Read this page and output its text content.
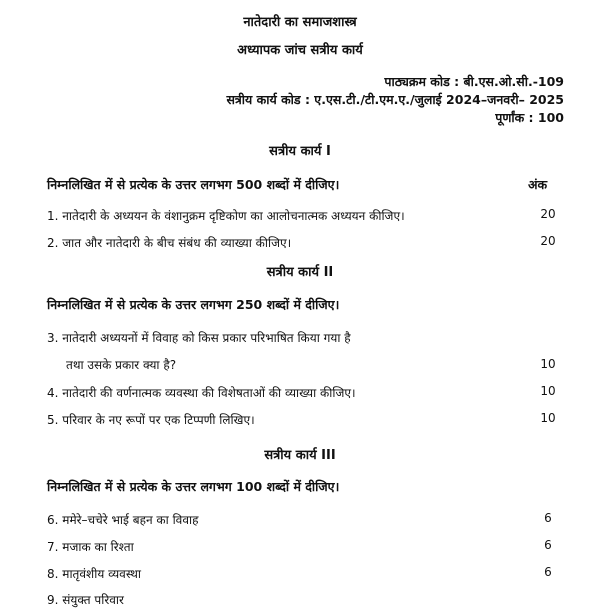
नातेदारी का समाजशास्त्र
अध्यापक जांच सत्रीय कार्य
पाठ्यक्रम कोड : बी.एस.ओ.सी.-109
सत्रीय कार्य कोड : ए.एस.टी./टी.एम.ए./जुलाई 2024–जनवरी– 2025
पूर्णांक : 100
सत्रीय कार्य I
निम्नलिखित में से प्रत्येक के उत्तर लगभग 500 शब्दों में दीजिए।	अंक
1. नातेदारी के अध्ययन के वंशानुक्रम दृष्टिकोण का आलोचनात्मक अध्ययन कीजिए।	20
2. जात और नातेदारी के बीच संबंध की व्याख्या कीजिए।	20
सत्रीय कार्य II
निम्नलिखित में से प्रत्येक के उत्तर लगभग 250 शब्दों में दीजिए।
3. नातेदारी अध्ययनों में विवाह को किस प्रकार परिभाषित किया गया है
तथा उसके प्रकार क्या है?	10
4. नातेदारी की वर्णनात्मक व्यवस्था की विशेषताओं की व्याख्या कीजिए।	10
5. परिवार के नए रूपों पर एक टिप्पणी लिखिए।	10
सत्रीय कार्य III
निम्नलिखित में से प्रत्येक के उत्तर लगभग 100 शब्दों में दीजिए।
6. ममेरे–चचेरे भाई बहन का विवाह	6
7. मजाक का रिश्ता	6
8. मातृवंशीय व्यवस्था	6
9. संयुक्त परिवार
